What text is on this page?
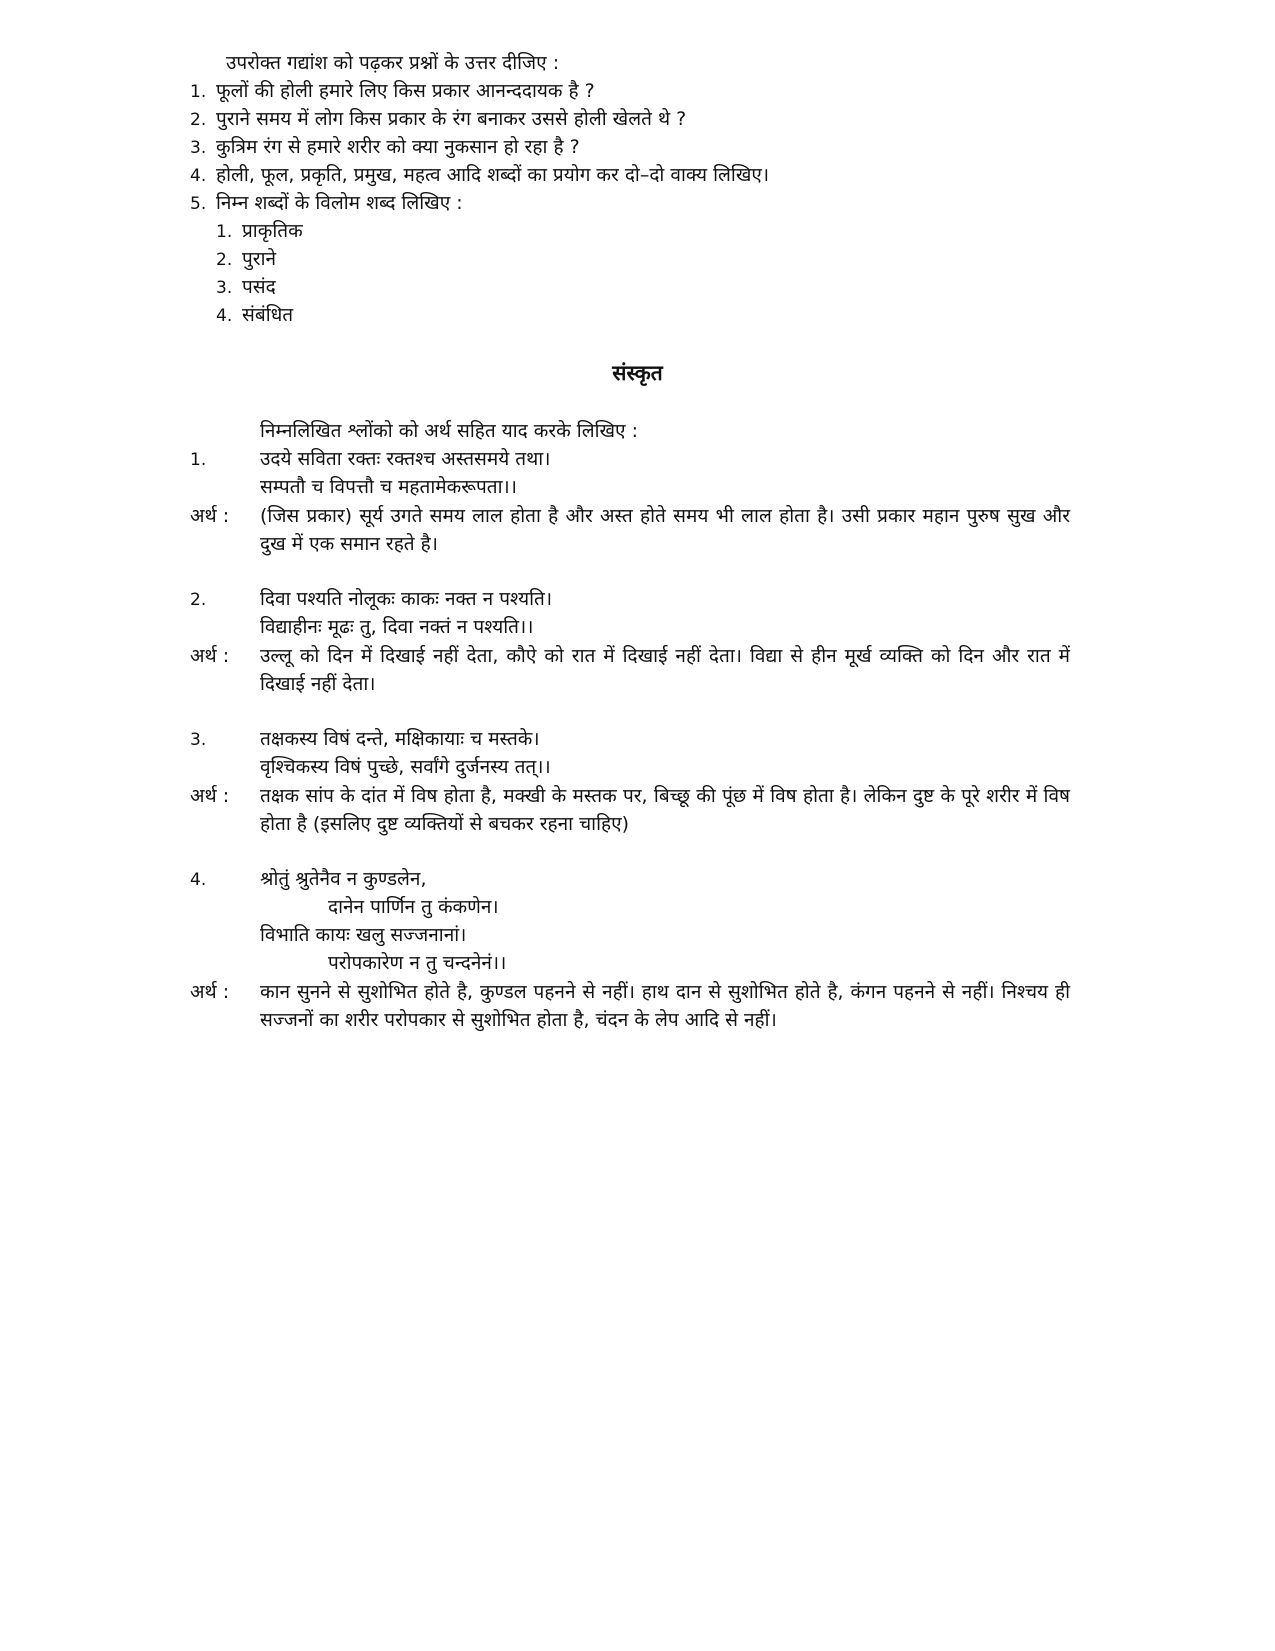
उपरोक्त गद्यांश को पढ़कर प्रश्नों के उत्तर दीजिए :
1. फूलों की होली हमारे लिए किस प्रकार आनन्ददायक है ?
2. पुराने समय में लोग किस प्रकार के रंग बनाकर उससे होली खेलते थे ?
3. कुत्रिम रंग से हमारे शरीर को क्या नुकसान हो रहा है ?
4. होली, फूल, प्रकृति, प्रमुख, महत्व आदि शब्दों का प्रयोग कर दो–दो वाक्य लिखिए।
5. निम्न शब्दों के विलोम शब्द लिखिए :
1. प्राकृतिक
2. पुराने
3. पसंद
4. संबंधित
संस्कृत
निम्नलिखित श्लोंको को अर्थ सहित याद करके लिखिए :
1.	उदये सविता रक्तः रक्तश्च अस्तसमये तथा।
सम्पतौ च विपत्तौ च महतामेकरूपता।।
अर्थ : (जिस प्रकार) सूर्य उगते समय लाल होता है और अस्त होते समय भी लाल होता है। उसी प्रकार महान पुरुष सुख और दुख में एक समान रहते है।
2.	दिवा पश्यति नोलूकः काकः नक्त न पश्यति।
विद्याहीनः मूढः तु, दिवा नक्तं न पश्यति।।
अर्थ : उल्लू को दिन में दिखाई नहीं देता, कौऐ को रात में दिखाई नहीं देता। विद्या से हीन मूर्ख व्यक्ति को दिन और रात में दिखाई नहीं देता।
3.	तक्षकस्य विषं दन्ते, मक्षिकायाः च मस्तके।
वृश्चिकस्य विषं पुच्छे, सर्वांगे दुर्जनस्य तत्।।
अर्थ : तक्षक सांप के दांत में विष होता है, मक्खी के मस्तक पर, बिच्छू की पूंछ में विष होता है। लेकिन दुष्ट के पूरे शरीर में विष होता है (इसलिए दुष्ट व्यक्तियों से बचकर रहना चाहिए)
4.	श्रोतुं श्रुतेनैव न कुण्डलेन,
दानेन पार्णिन तु कंकणेन।
विभाति कायः खलु सज्जनानां।
परोपकारेण न तु चन्दनेनं।।
अर्थ : कान सुनने से सुशोभित होते है, कुण्डल पहनने से नहीं। हाथ दान से सुशोभित होते है, कंगन पहनने से नहीं। निश्चय ही सज्जनों का शरीर परोपकार से सुशोभित होता है, चंदन के लेप आदि से नहीं।
